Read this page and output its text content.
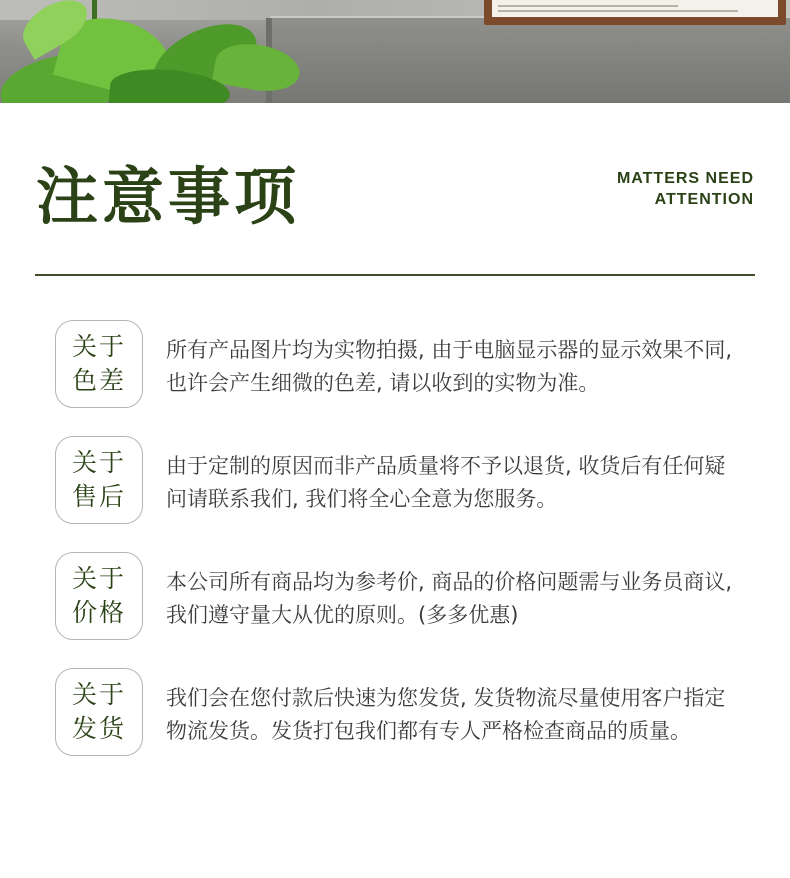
注意事项	MATTERS NEED
ATTENTION
关于
色差
所有产品图片均为实物拍摄, 由于电脑显示器的显示效果不同, 也许会产生细微的色差, 请以收到的实物为准。
关于
售后
由于定制的原因而非产品质量将不予以退货, 收货后有任何疑问请联系我们, 我们将全心全意为您服务。
关于
价格
本公司所有商品均为参考价, 商品的价格问题需与业务员商议, 我们遵守量大从优的原则。(多多优惠)
关于
发货
我们会在您付款后快速为您发货, 发货物流尽量使用客户指定物流发货。发货打包我们都有专人严格检查商品的质量。
